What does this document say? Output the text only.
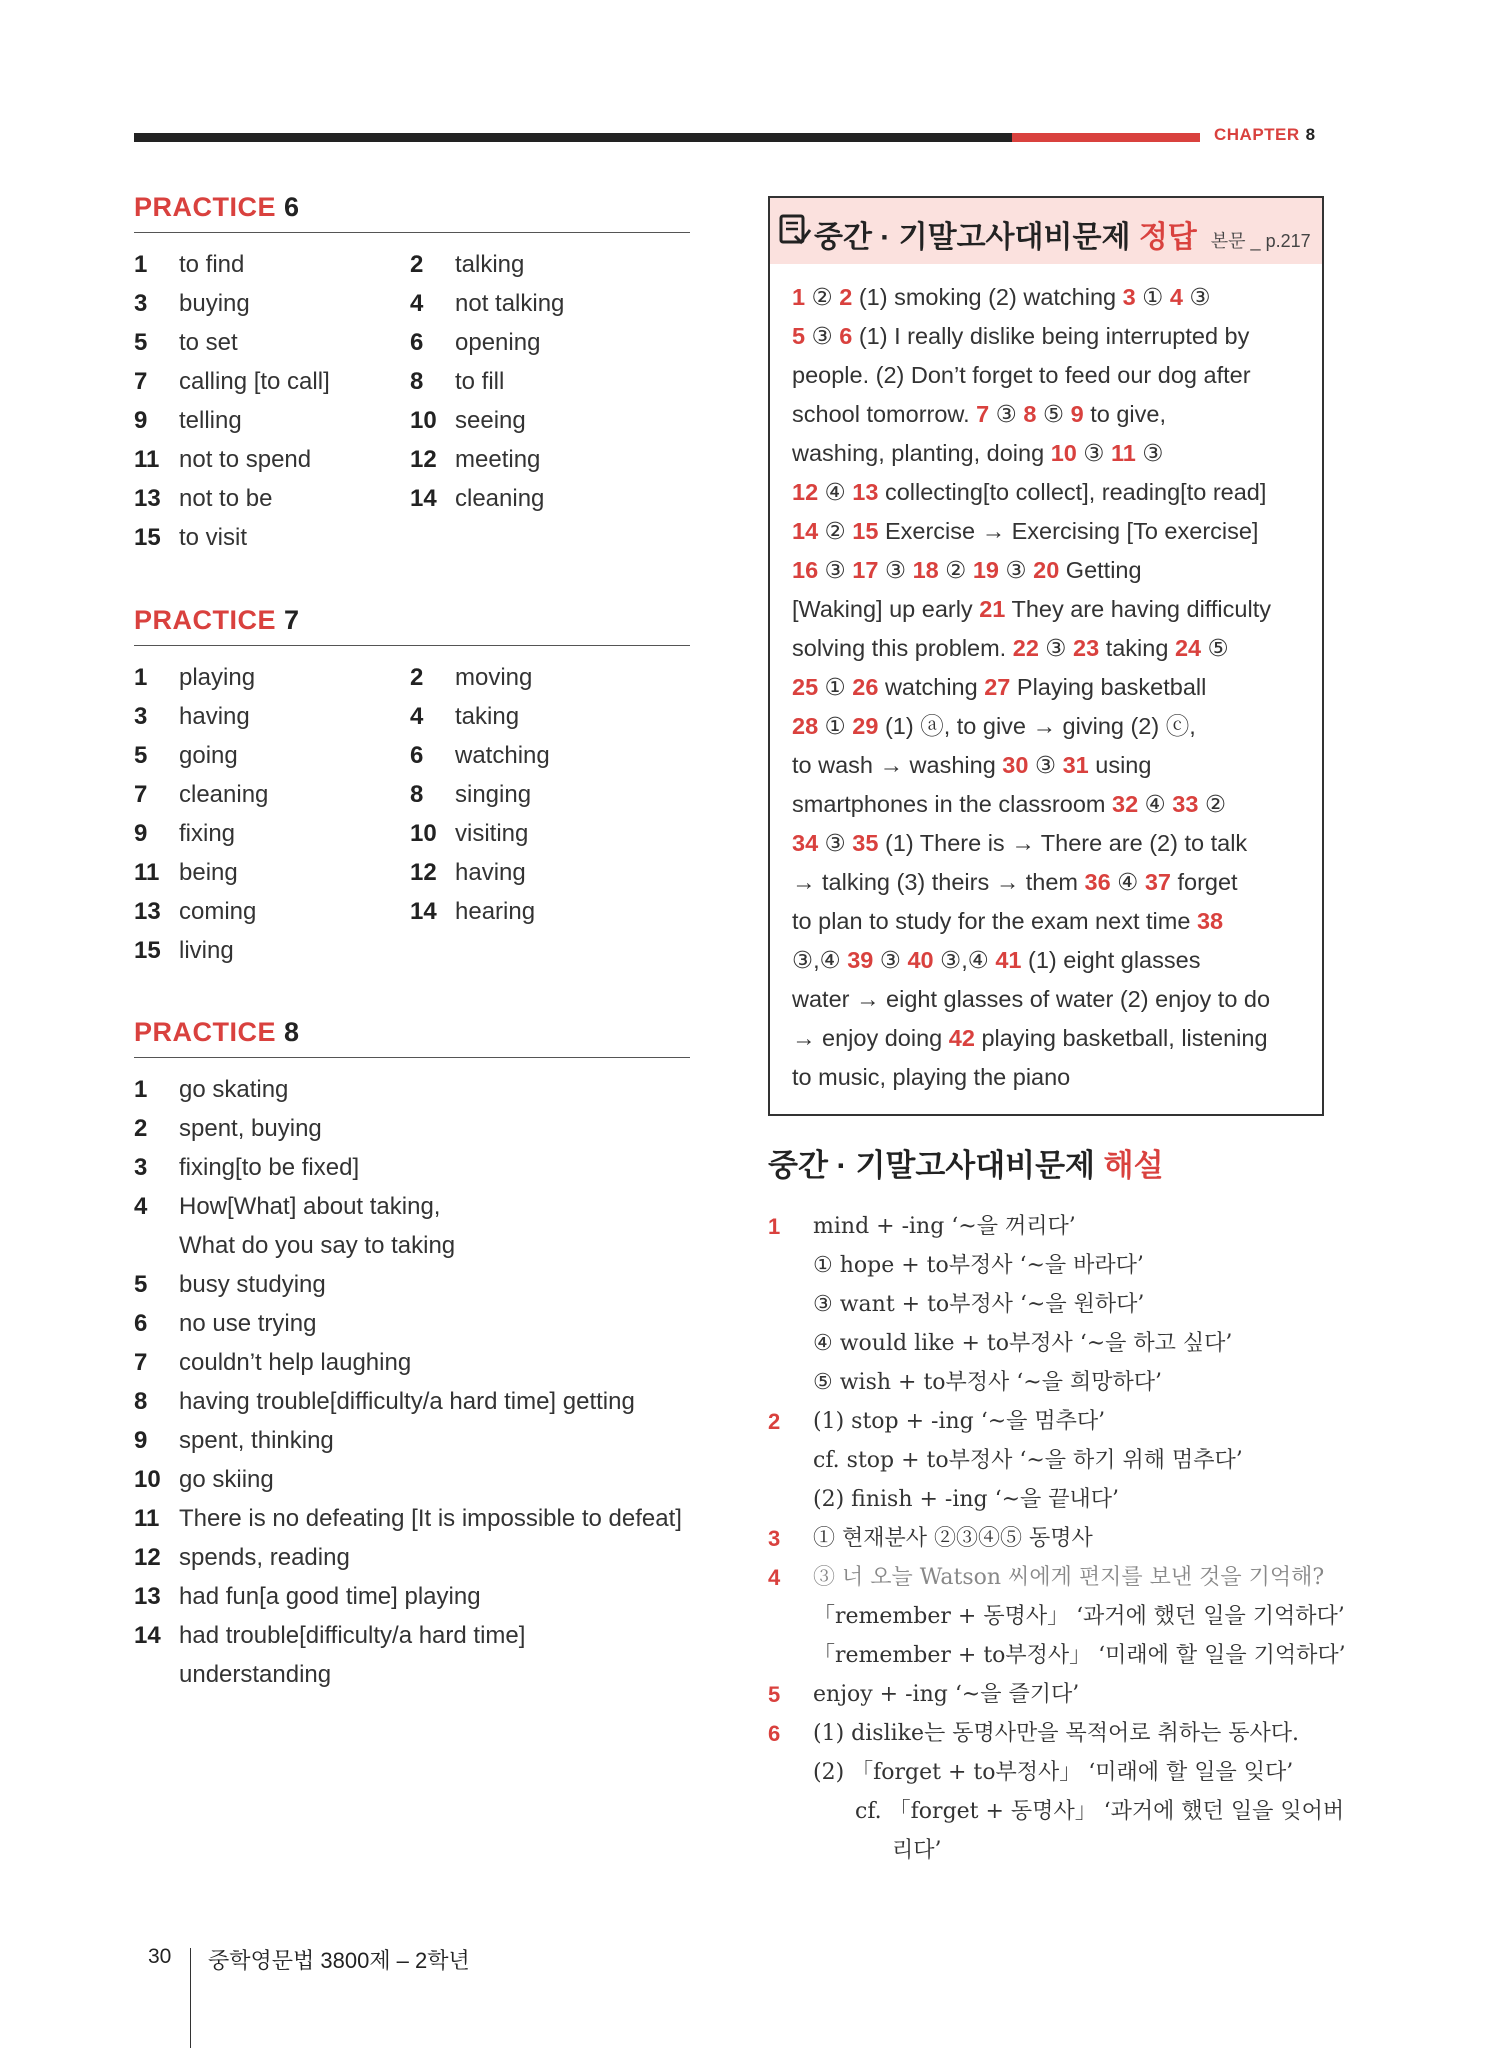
CHAPTER 8
PRACTICE 6
1 to find	2 talking
3 buying	4 not talking
5 to set	6 opening
7 calling [to call]	8 to fill
9 telling	10 seeing
11 not to spend	12 meeting
13 not to be	14 cleaning
15 to visit
PRACTICE 7
1 playing	2 moving
3 having	4 taking
5 going	6 watching
7 cleaning	8 singing
9 fixing	10 visiting
11 being	12 having
13 coming	14 hearing
15 living
PRACTICE 8
1 go skating
2 spent, buying
3 fixing[to be fixed]
4 How[What] about taking,
What do you say to taking
5 busy studying
6 no use trying
7 couldn’t help laughing
8 having trouble[difficulty/a hard time] getting
9 spent, thinking
10 go skiing
11 There is no defeating [It is impossible to defeat]
12 spends, reading
13 had fun[a good time] playing
14 had trouble[difficulty/a hard time]
understanding
중간 · 기말고사대비문제 정답 본문 _ p.217
1 ② 2 (1) smoking (2) watching 3 ① 4 ③
5 ③ 6 (1) I really dislike being interrupted by
people. (2) Don’t forget to feed our dog after
school tomorrow. 7 ③ 8 ⑤ 9 to give,
washing, planting, doing 10 ③ 11 ③
12 ④ 13 collecting[to collect], reading[to read]
14 ② 15 Exercise → Exercising [To exercise]
16 ③ 17 ③ 18 ② 19 ③ 20 Getting
[Waking] up early 21 They are having difficulty
solving this problem. 22 ③ 23 taking 24 ⑤
25 ① 26 watching 27 Playing basketball
28 ① 29 (1) ⓐ, to give → giving (2) ⓒ,
to wash → washing 30 ③ 31 using
smartphones in the classroom 32 ④ 33 ②
34 ③ 35 (1) There is → There are (2) to talk
→ talking (3) theirs → them 36 ④ 37 forget
to plan to study for the exam next time 38
③,④ 39 ③ 40 ③,④ 41 (1) eight glasses
water → eight glasses of water (2) enjoy to do
→ enjoy doing 42 playing basketball, listening
to music, playing the piano
중간 · 기말고사대비문제 해설
1 mind + -ing ‘~을 꺼리다’
① hope + to부정사 ‘~을 바라다’
③ want + to부정사 ‘~을 원하다’
④ would like + to부정사 ‘~을 하고 싶다’
⑤ wish + to부정사 ‘~을 희망하다’
2 (1) stop + -ing ‘~을 멈추다’
cf. stop + to부정사 ‘~을 하기 위해 멈추다’
(2) finish + -ing ‘~을 끝내다’
3 ① 현재분사 ②③④⑤ 동명사
4 ③ 너 오늘 Watson 씨에게 편지를 보낸 것을 기억해?
「remember + 동명사」 ‘과거에 했던 일을 기억하다’
「remember + to부정사」 ‘미래에 할 일을 기억하다’
5 enjoy + -ing ‘~을 즐기다’
6 (1) dislike는 동명사만을 목적어로 취하는 동사다.
(2) 「forget + to부정사」 ‘미래에 할 일을 잊다’
cf. 「forget + 동명사」 ‘과거에 했던 일을 잊어버
리다’
30 중학영문법 3800제 – 2학년
